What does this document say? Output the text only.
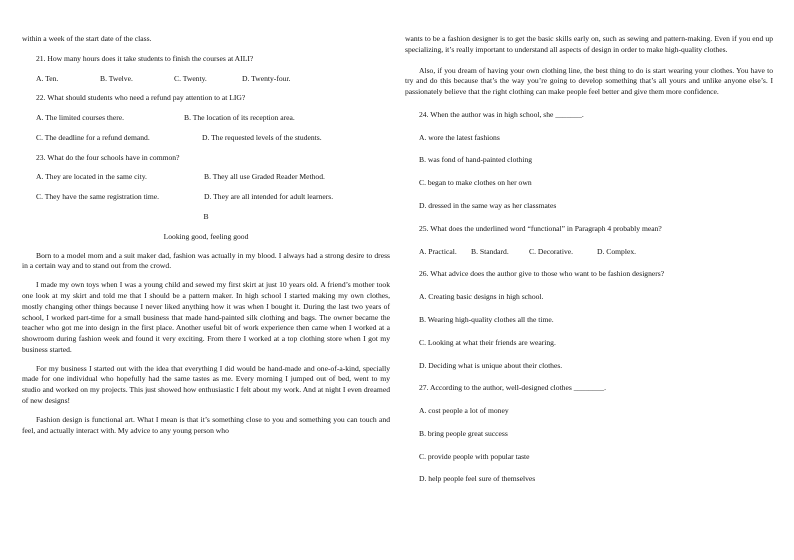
within a week of the start date of the class.

21. How many hours does it take students to finish the courses at AILI?

A. Ten.	B. Twelve.	C. Twenty.	D. Twenty-four.

22. What should students who need a refund pay attention to at LIG?

A. The limited courses there.	B. The location of its reception area.
C. The deadline for a refund demand.	D. The requested levels of the students.

23. What do the four schools have in common?

A. They are located in the same city.	B. They all use Graded Reader Method.
C. They have the same registration time.	D. They are all intended for adult learners.

B

Looking good, feeling good

Born to a model mom and a suit maker dad, fashion was actually in my blood. I always had a strong desire to dress in a certain way and to stand out from the crowd.

I made my own toys when I was a young child and sewed my first skirt at just 10 years old. A friend’s mother took one look at my skirt and told me that I should be a pattern maker. In high school I started making my own clothes, mostly changing other things because I never liked anything how it was when I bought it. During the last two years of school, I worked part-time for a small business that made hand-painted silk clothing and bags. The owner became the teacher who got me into design in the first place. Another useful bit of work experience then came when I worked at a showroom during fashion week and found it very exciting. From there I worked at a top clothing store when I got my business started.

For my business I started out with the idea that everything I did would be hand-made and one-of-a-kind, specially made for one individual who hopefully had the same tastes as me. Every morning I jumped out of bed, went to my studio and worked on my projects. This just showed how enthusiastic I felt about my work. And at night I even dreamed of new designs!

Fashion design is functional art. What I mean is that it’s something close to you and something you can touch and feel, and actually interact with. My advice to any young person who

wants to be a fashion designer is to get the basic skills early on, such as sewing and pattern-making. Even if you end up specializing, it’s really important to understand all aspects of design in order to make high-quality clothes.

Also, if you dream of having your own clothing line, the best thing to do is start wearing your clothes. You have to try and do this because that’s the way you’re going to develop something that’s all yours and unlike anyone else’s. I passionately believe that the right clothing can make people feel better and give them more confidence.

24. When the author was in high school, she _______.

A. wore the latest fashions

B. was fond of hand-painted clothing

C. began to make clothes on her own

D. dressed in the same way as her classmates

25. What does the underlined word “functional” in Paragraph 4 probably mean?

A. Practical.	B. Standard.	C. Decorative.	D. Complex.

26. What advice does the author give to those who want to be fashion designers?

A. Creating basic designs in high school.

B. Wearing high-quality clothes all the time.

C. Looking at what their friends are wearing.

D. Deciding what is unique about their clothes.

27. According to the author, well-designed clothes ________.

A. cost people a lot of money

B. bring people great success

C. provide people with popular taste

D. help people feel sure of themselves
